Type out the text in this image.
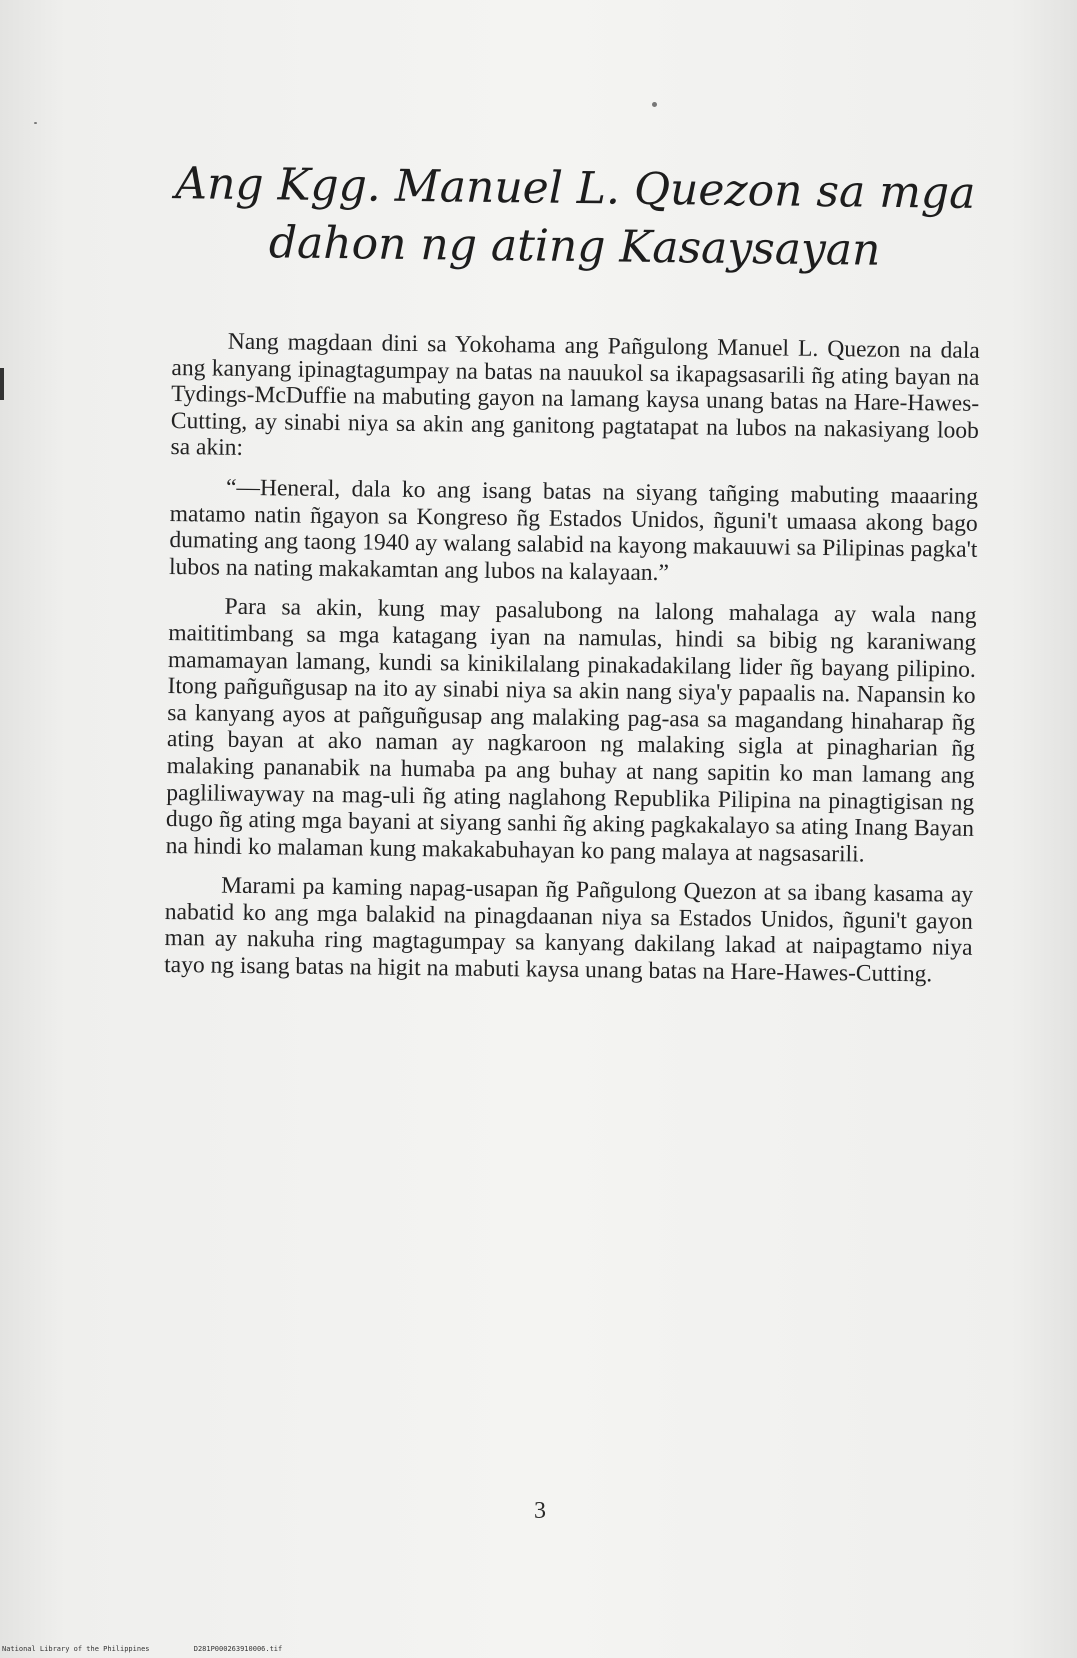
Ang Kgg. Manuel L. Quezon sa mga
dahon ng ating Kasaysayan

Nang magdaan dini sa Yokohama ang Pañgulong Manuel L. Quezon na dala ang kanyang ipinagtagumpay na batas na nauukol sa ikapagsasarili ñg ating bayan na Tydings-McDuffie na mabuting gayon na lamang kaysa unang batas na Hare-Hawes-Cutting, ay sinabi niya sa akin ang ganitong pagtatapat na lubos na nakasiyang loob sa akin:

“—Heneral, dala ko ang isang batas na siyang tañging mabuting maaaring matamo natin ñgayon sa Kongreso ñg Estados Unidos, ñguni't umaasa akong bago dumating ang taong 1940 ay walang salabid na kayong makauuwi sa Pilipinas pagka't lubos na nating makakamtan ang lubos na kalayaan.”

Para sa akin, kung may pasalubong na lalong mahalaga ay wala nang maititimbang sa mga katagang iyan na namulas, hindi sa bibig ng karaniwang mamamayan lamang, kundi sa kinikilalang pinakadakilang lider ñg bayang pilipino. Itong pañguñgusap na ito ay sinabi niya sa akin nang siya'y papaalis na. Napansin ko sa kanyang ayos at pañguñgusap ang malaking pag-asa sa magandang hinaharap ñg ating bayan at ako naman ay nagkaroon ng malaking sigla at pinagharian ñg malaking pananabik na humaba pa ang buhay at nang sapitin ko man lamang ang pagliliwayway na mag-uli ñg ating naglahong Republika Pilipina na pinagtigisan ng dugo ñg ating mga bayani at siyang sanhi ñg aking pagkakalayo sa ating Inang Bayan na hindi ko malaman kung makakabuhayan ko pang malaya at nagsasarili.

Marami pa kaming napag-usapan ñg Pañgulong Quezon at sa ibang kasama ay nabatid ko ang mga balakid na pinagdaanan niya sa Estados Unidos, ñguni't gayon man ay nakuha ring magtagumpay sa kanyang dakilang lakad at naipagtamo niya tayo ng isang batas na higit na mabuti kaysa unang batas na Hare-Hawes-Cutting.

3
National Library of the Philippines	D281P000263910006.tif
